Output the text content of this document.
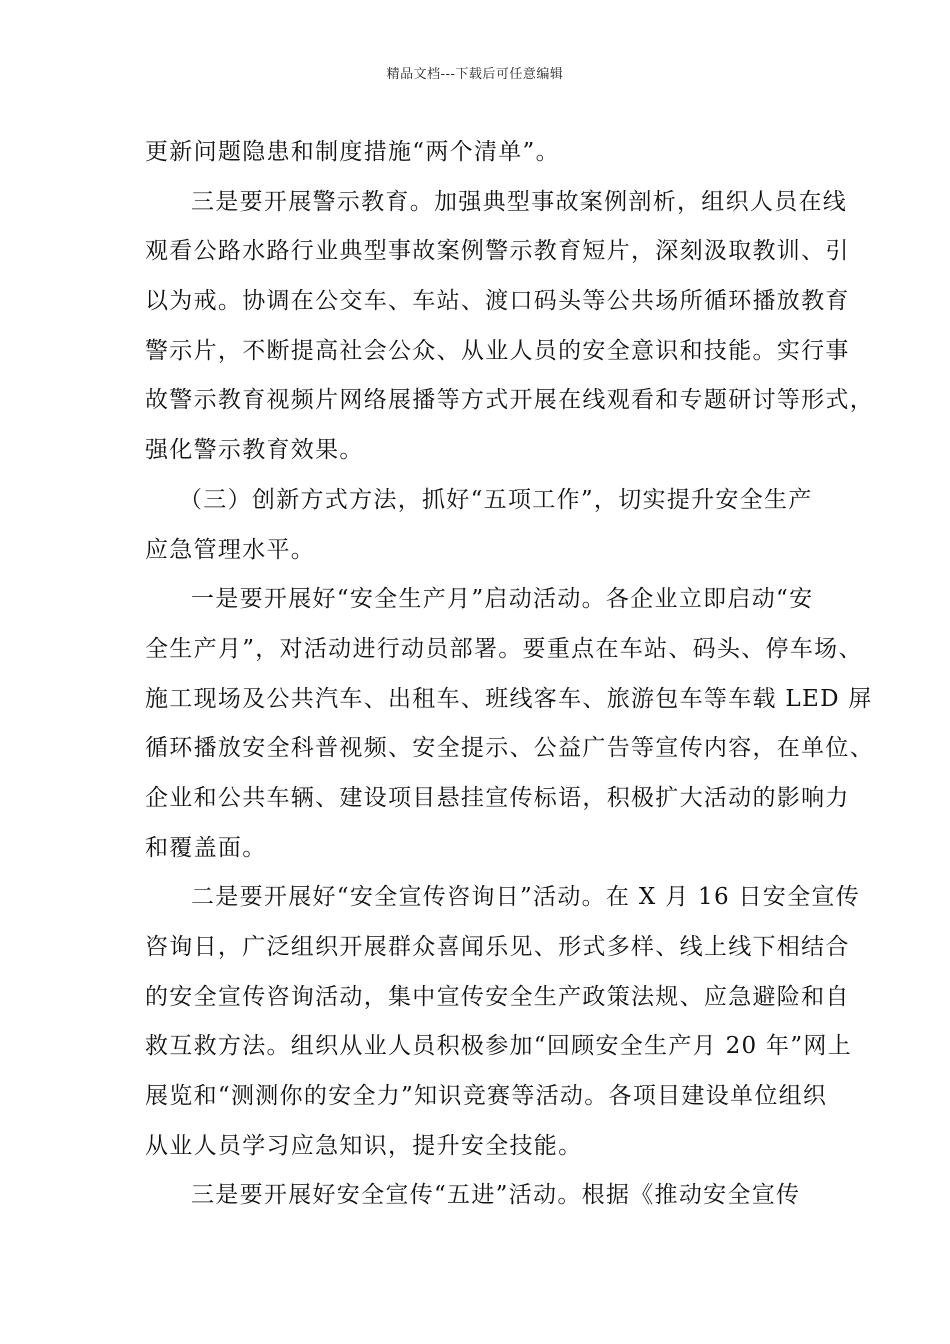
精品文档---下载后可任意编辑
更新问题隐患和制度措施“两个清单”。
三是要开展警示教育。加强典型事故案例剖析，组织人员在线
观看公路水路行业典型事故案例警示教育短片，深刻汲取教训、引
以为戒。协调在公交车、车站、渡口码头等公共场所循环播放教育
警示片，不断提高社会公众、从业人员的安全意识和技能。实行事
故警示教育视频片网络展播等方式开展在线观看和专题研讨等形式，
强化警示教育效果。
（三）创新方式方法，抓好“五项工作”，切实提升安全生产
应急管理水平。
一是要开展好“安全生产月”启动活动。各企业立即启动“安
全生产月”，对活动进行动员部署。要重点在车站、码头、停车场、
施工现场及公共汽车、出租车、班线客车、旅游包车等车载 LED 屏
循环播放安全科普视频、安全提示、公益广告等宣传内容，在单位、
企业和公共车辆、建设项目悬挂宣传标语，积极扩大活动的影响力
和覆盖面。
二是要开展好“安全宣传咨询日”活动。在 X 月 16 日安全宣传
咨询日，广泛组织开展群众喜闻乐见、形式多样、线上线下相结合
的安全宣传咨询活动，集中宣传安全生产政策法规、应急避险和自
救互救方法。组织从业人员积极参加“回顾安全生产月 20 年”网上
展览和“测测你的安全力”知识竞赛等活动。各项目建设单位组织
从业人员学习应急知识，提升安全技能。
三是要开展好安全宣传“五进”活动。根据《推动安全宣传
